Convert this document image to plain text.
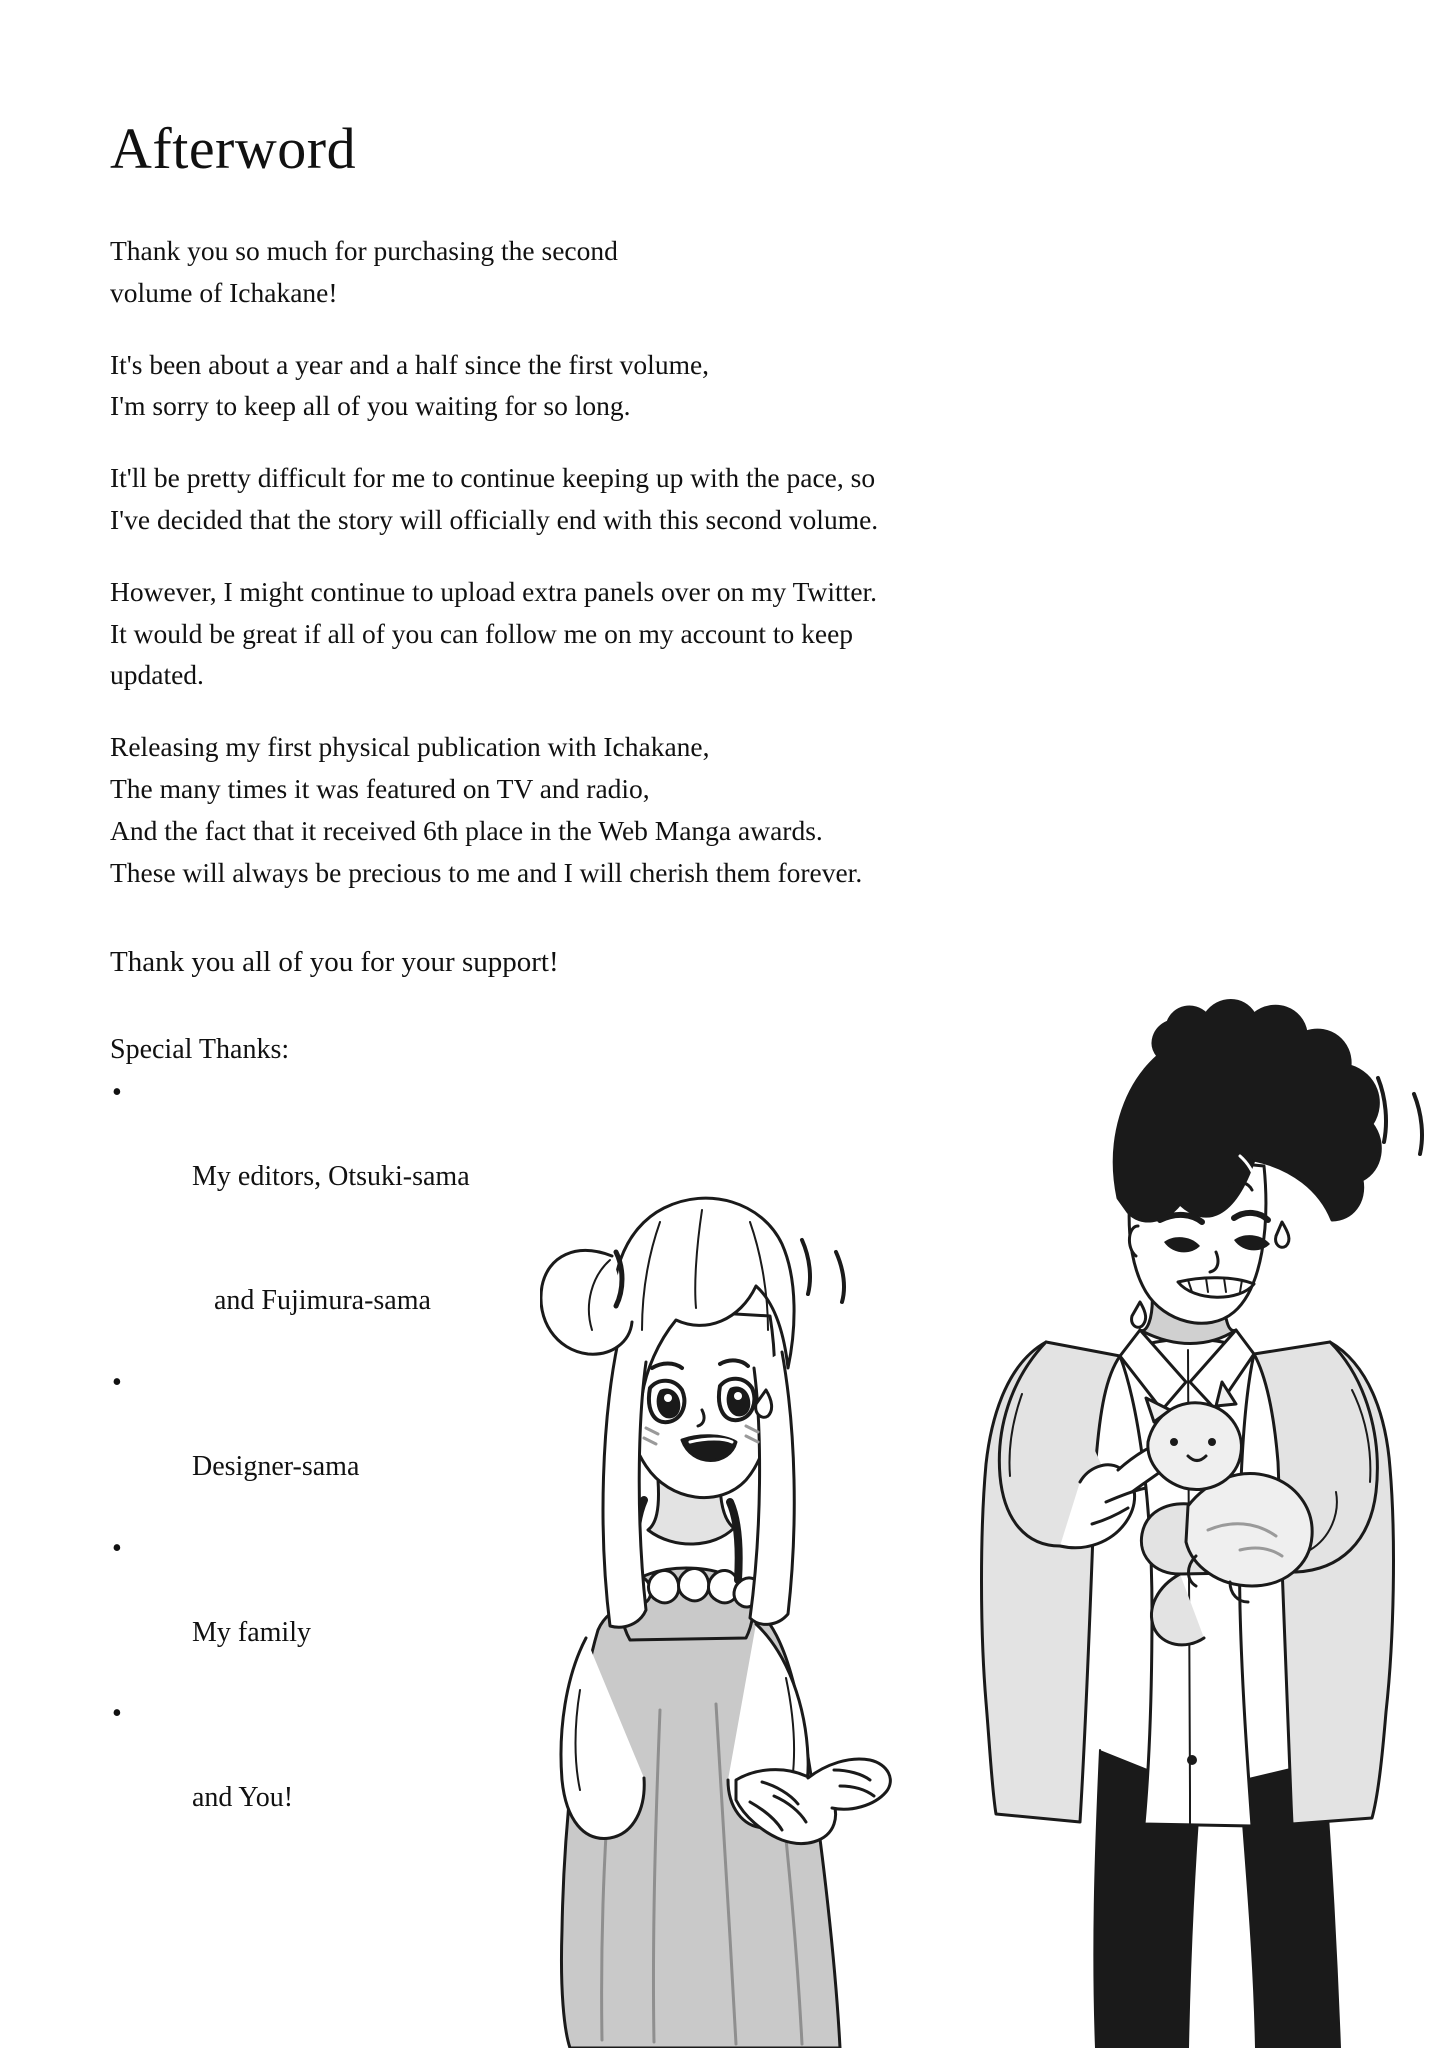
Afterword
Thank you so much for purchasing the second
volume of Ichakane!
It's been about a year and a half since the first volume,
I'm sorry to keep all of you waiting for so long.
It'll be pretty difficult for me to continue keeping up with the pace, so
I've decided that the story will officially end with this second volume.
However, I might continue to upload extra panels over on my Twitter.
It would be great if all of you can follow me on my account to keep
updated.
Releasing my first physical publication with Ichakane,
The many times it was featured on TV and radio,
And the fact that it received 6th place in the Web Manga awards.
These will always be precious to me and I will cherish them forever.
Thank you all of you for your support!
Special Thanks:

•

My editors, Otsuki-sama

and Fujimura-sama

•

Designer-sama

•

My family

•

and You!
